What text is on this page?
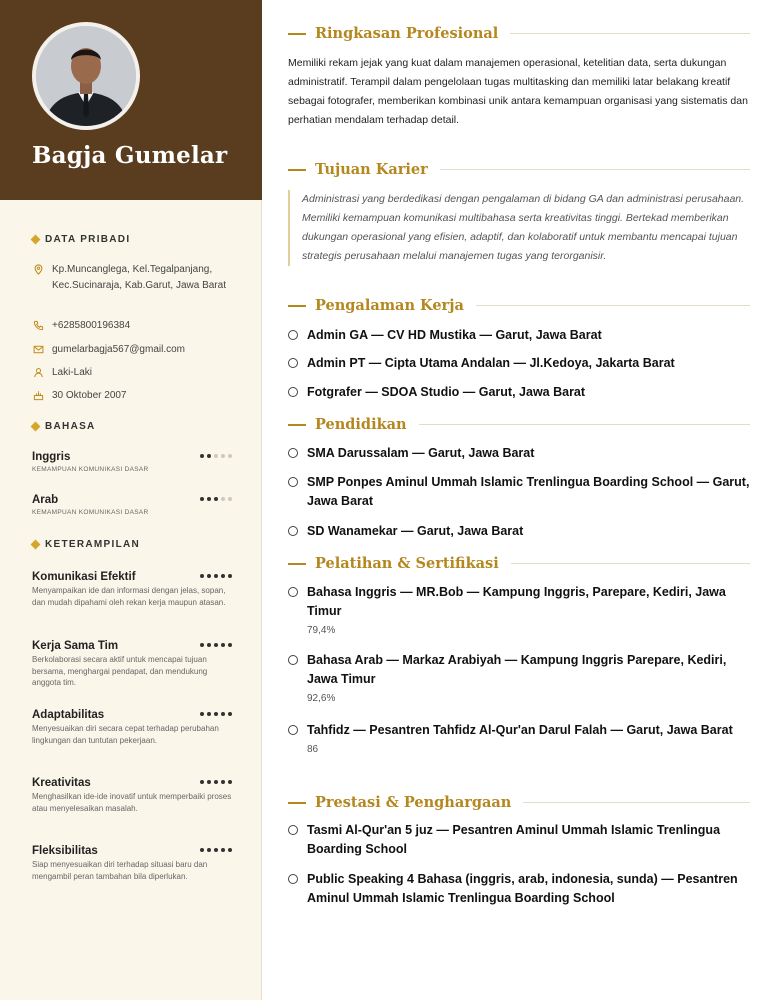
Bagja Gumelar
DATA PRIBADI
Kp.Muncanglega, Kel.Tegalpanjang, Kec.Sucinaraja, Kab.Garut, Jawa Barat
+6285800196384
gumelarbagja567@gmail.com
Laki-Laki
30 Oktober 2007
BAHASA
Inggris
KEMAMPUAN KOMUNIKASI DASAR
Arab
KEMAMPUAN KOMUNIKASI DASAR
KETERAMPILAN
Komunikasi Efektif
Menyampaikan ide dan informasi dengan jelas, sopan, dan mudah dipahami oleh rekan kerja maupun atasan.
Kerja Sama Tim
Berkolaborasi secara aktif untuk mencapai tujuan bersama, menghargai pendapat, dan mendukung anggota tim.
Adaptabilitas
Menyesuaikan diri secara cepat terhadap perubahan lingkungan dan tuntutan pekerjaan.
Kreativitas
Menghasilkan ide-ide inovatif untuk memperbaiki proses atau menyelesaikan masalah.
Fleksibilitas
Siap menyesuaikan diri terhadap situasi baru dan mengambil peran tambahan bila diperlukan.
Ringkasan Profesional
Memiliki rekam jejak yang kuat dalam manajemen operasional, ketelitian data, serta dukungan administratif. Terampil dalam pengelolaan tugas multitasking dan memiliki latar belakang kreatif sebagai fotografer, memberikan kombinasi unik antara kemampuan organisasi yang sistematis dan perhatian mendalam terhadap detail.
Tujuan Karier
Administrasi yang berdedikasi dengan pengalaman di bidang GA dan administrasi perusahaan. Memiliki kemampuan komunikasi multibahasa serta kreativitas tinggi. Bertekad memberikan dukungan operasional yang efisien, adaptif, dan kolaboratif untuk membantu mencapai tujuan strategis perusahaan melalui manajemen tugas yang terorganisir.
Pengalaman Kerja
Admin GA — CV HD Mustika — Garut, Jawa Barat
Admin PT — Cipta Utama Andalan — Jl.Kedoya, Jakarta Barat
Fotgrafer — SDOA Studio — Garut, Jawa Barat
Pendidikan
SMA Darussalam — Garut, Jawa Barat
SMP Ponpes Aminul Ummah Islamic Trenlingua Boarding School — Garut, Jawa Barat
SD Wanamekar — Garut, Jawa Barat
Pelatihan & Sertifikasi
Bahasa Inggris — MR.Bob — Kampung Inggris, Parepare, Kediri, Jawa Timur
79,4%
Bahasa Arab — Markaz Arabiyah — Kampung Inggris Parepare, Kediri, Jawa Timur
92,6%
Tahfidz — Pesantren Tahfidz Al-Qur'an Darul Falah — Garut, Jawa Barat
86
Prestasi & Penghargaan
Tasmi Al-Qur'an 5 juz — Pesantren Aminul Ummah Islamic Trenlingua Boarding School
Public Speaking 4 Bahasa (inggris, arab, indonesia, sunda) — Pesantren Aminul Ummah Islamic Trenlingua Boarding School
